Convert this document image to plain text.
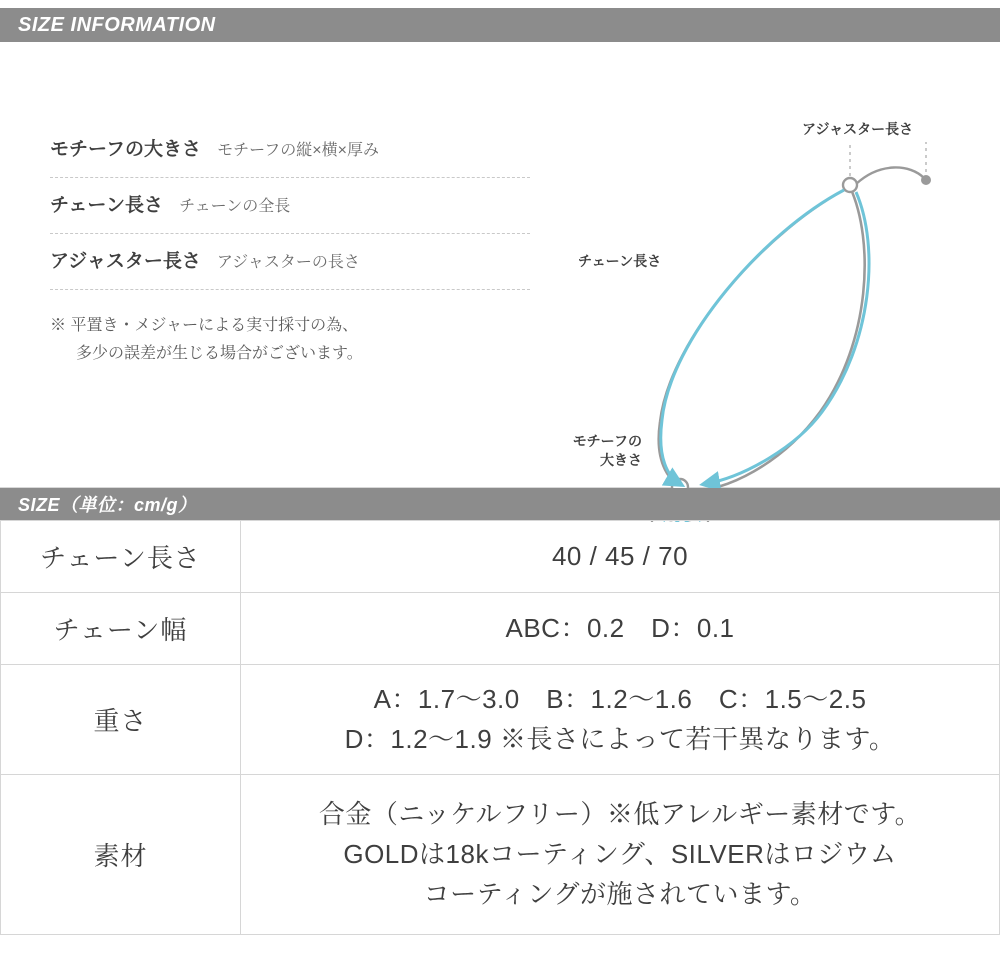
SIZE INFORMATION
モチーフの大きさ モチーフの縦×横×厚み
チェーン長さ チェーンの全長
アジャスター長さ アジャスターの長さ
※ 平置き・メジャーによる実寸採寸の為、
多少の誤差が生じる場合がございます。
アジャスター長さ
チェーン長さ
モチーフの
大きさ
SIZE（単位：cm/g）
チェーン長さ	40 / 45 / 70

チェーン幅	ABC：0.2　D：0.1

重さ	A：1.7〜3.0　B：1.2〜1.6　C：1.5〜2.5
D：1.2〜1.9 ※長さによって若干異なります。

素材	合金（ニッケルフリー）※低アレルギー素材です。
GOLDは18kコーティング、SILVERはロジウム
コーティングが施されています。
